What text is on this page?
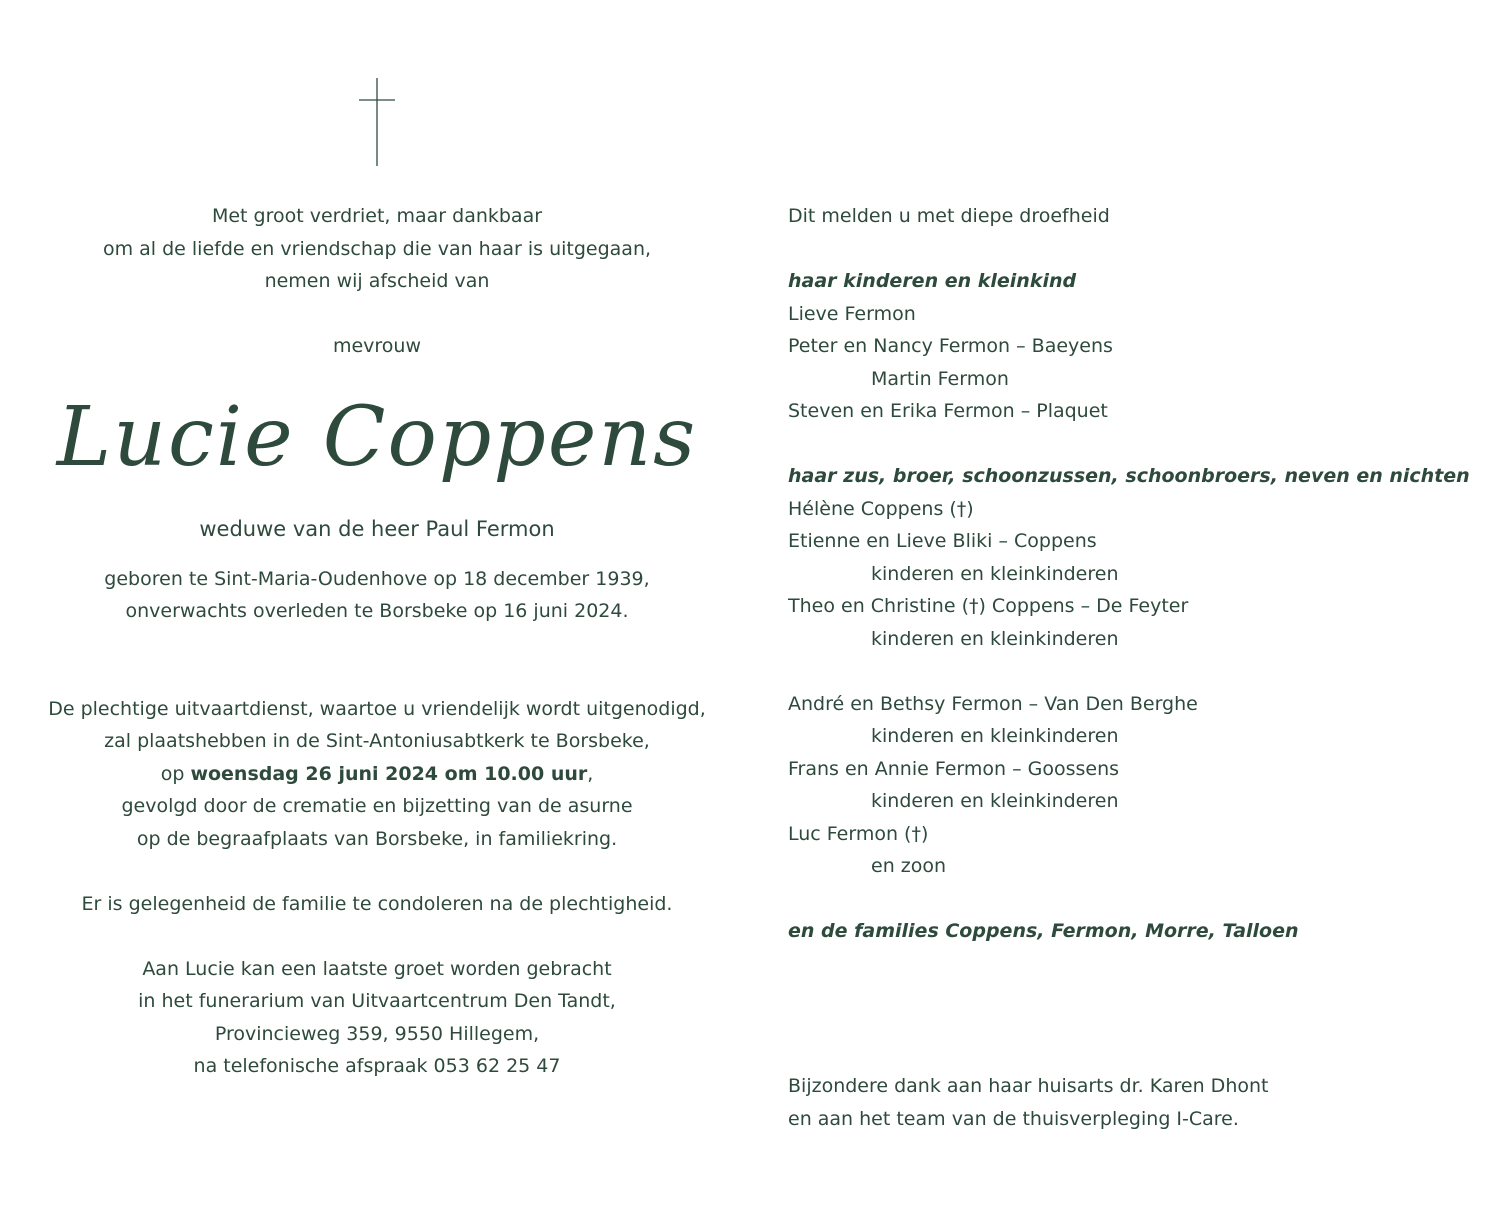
Met groot verdriet, maar dankbaar
om al de liefde en vriendschap die van haar is uitgegaan,
nemen wij afscheid van

mevrouw

Lucie Coppens

weduwe van de heer Paul Fermon

geboren te Sint-Maria-Oudenhove op 18 december 1939,
onverwachts overleden te Borsbeke op 16 juni 2024.

De plechtige uitvaartdienst, waartoe u vriendelijk wordt uitgenodigd,
zal plaatshebben in de Sint-Antoniusabtkerk te Borsbeke,
op woensdag 26 juni 2024 om 10.00 uur,
gevolgd door de crematie en bijzetting van de asurne
op de begraafplaats van Borsbeke, in familiekring.

Er is gelegenheid de familie te condoleren na de plechtigheid.

Aan Lucie kan een laatste groet worden gebracht
in het funerarium van Uitvaartcentrum Den Tandt,
Provincieweg 359, 9550 Hillegem,
na telefonische afspraak 053 62 25 47

Dit melden u met diepe droefheid
haar kinderen en kleinkind
Lieve Fermon
Peter en Nancy Fermon – Baeyens
Martin Fermon
Steven en Erika Fermon – Plaquet
haar zus, broer, schoonzussen, schoonbroers, neven en nichten
Hélène Coppens (†)
Etienne en Lieve Bliki – Coppens
kinderen en kleinkinderen
Theo en Christine (†) Coppens – De Feyter
kinderen en kleinkinderen
André en Bethsy Fermon – Van Den Berghe
kinderen en kleinkinderen
Frans en Annie Fermon – Goossens
kinderen en kleinkinderen
Luc Fermon (†)
en zoon
en de families Coppens, Fermon, Morre, Talloen
Bijzondere dank aan haar huisarts dr. Karen Dhont
en aan het team van de thuisverpleging I-Care.
